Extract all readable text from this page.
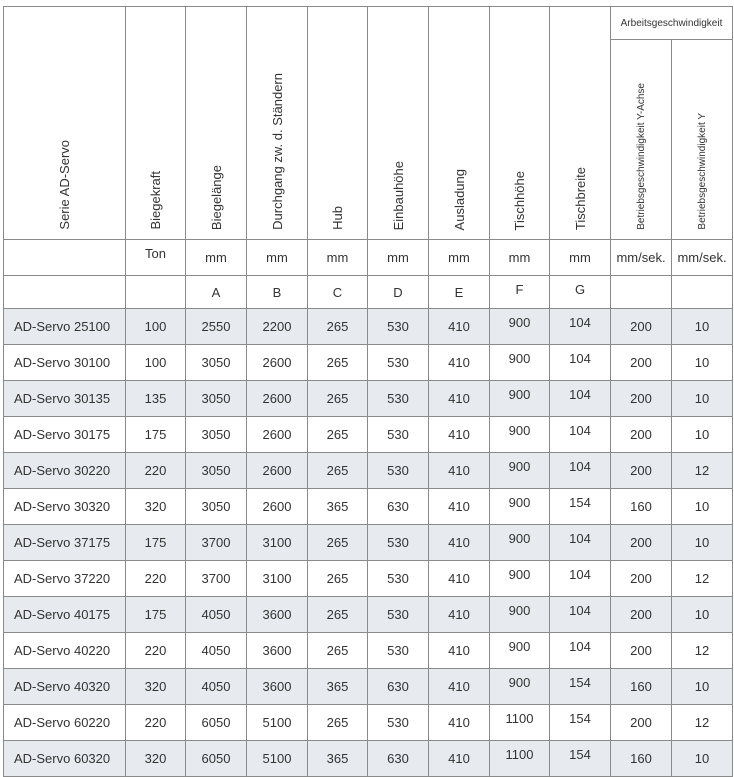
Serie AD-Servo	Biegekraft	Biegelänge	Durchgang zw. d. Ständern	Hub	Einbauhöhe	Ausladung	Tischhöhe	Tischbreite	Arbeitsgeschwindigkeit	
									Betriebsgeschwindigkeit Y-Achse	Betriebsgeschwindigkeit Y
	Ton	mm	mm	mm	mm	mm	mm	mm	mm/sek.	mm/sek.
		A	B	C	D	E	F	G		
AD-Servo 25100	100	2550	2200	265	530	410	900	104	200	10
AD-Servo 30100	100	3050	2600	265	530	410	900	104	200	10
AD-Servo 30135	135	3050	2600	265	530	410	900	104	200	10
AD-Servo 30175	175	3050	2600	265	530	410	900	104	200	10
AD-Servo 30220	220	3050	2600	265	530	410	900	104	200	12
AD-Servo 30320	320	3050	2600	365	630	410	900	154	160	10
AD-Servo 37175	175	3700	3100	265	530	410	900	104	200	10
AD-Servo 37220	220	3700	3100	265	530	410	900	104	200	12
AD-Servo 40175	175	4050	3600	265	530	410	900	104	200	10
AD-Servo 40220	220	4050	3600	265	530	410	900	104	200	12
AD-Servo 40320	320	4050	3600	365	630	410	900	154	160	10
AD-Servo 60220	220	6050	5100	265	530	410	1100	154	200	12
AD-Servo 60320	320	6050	5100	365	630	410	1100	154	160	10
